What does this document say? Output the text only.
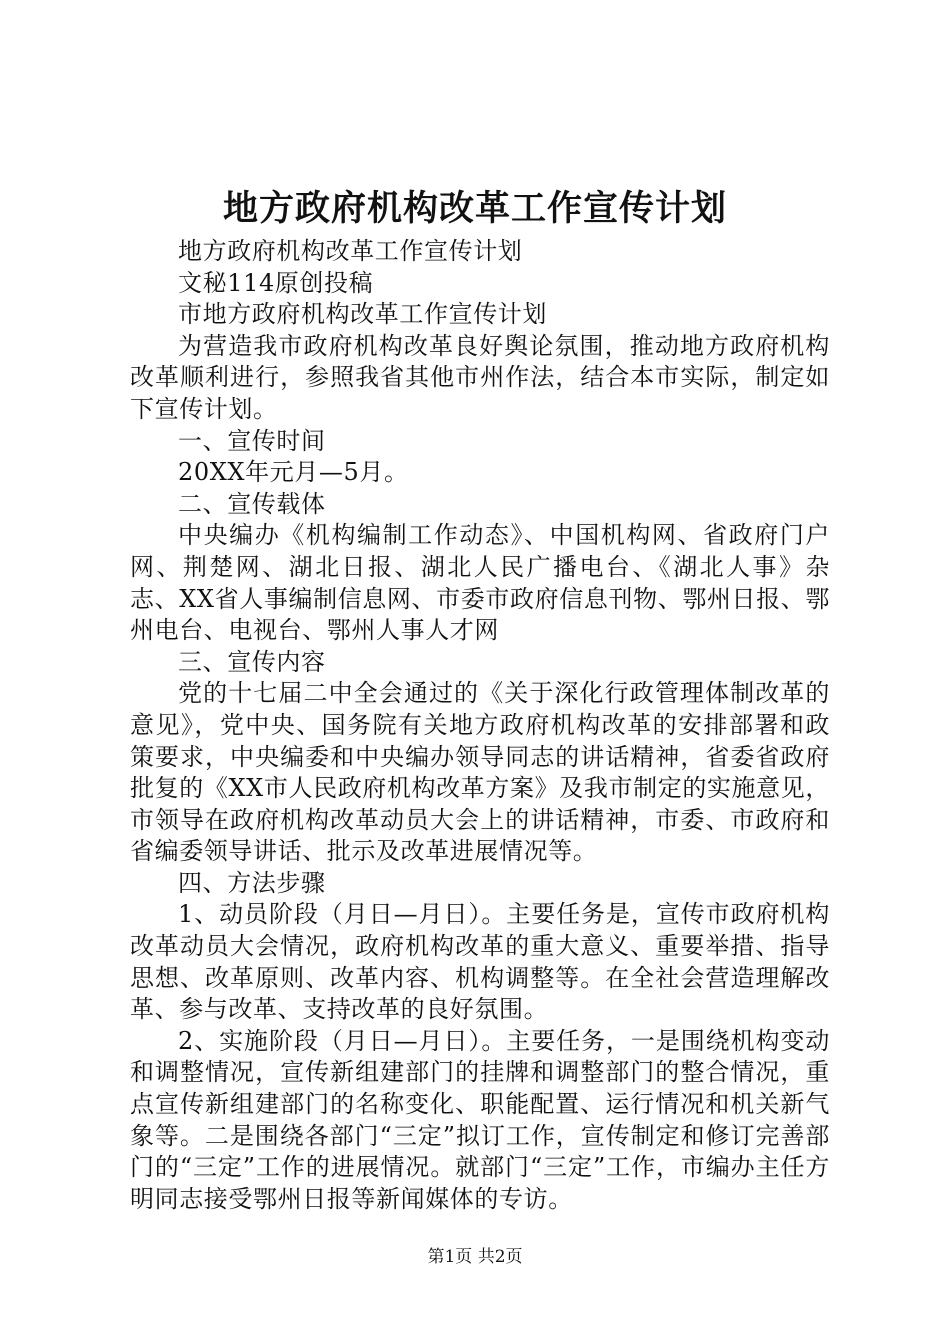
地方政府机构改革工作宣传计划

地方政府机构改革工作宣传计划

文秘114原创投稿

市地方政府机构改革工作宣传计划

为营造我市政府机构改革良好舆论氛围，推动地方政府机构改革顺利进行，参照我省其他市州作法，结合本市实际，制定如下宣传计划。

一、宣传时间

20XX年元月—5月。

二、宣传载体

中央编办《机构编制工作动态》、中国机构网、省政府门户网、荆楚网、湖北日报、湖北人民广播电台、《湖北人事》杂志、XX省人事编制信息网、市委市政府信息刊物、鄂州日报、鄂州电台、电视台、鄂州人事人才网

三、宣传内容

党的十七届二中全会通过的《关于深化行政管理体制改革的意见》，党中央、国务院有关地方政府机构改革的安排部署和政策要求，中央编委和中央编办领导同志的讲话精神，省委省政府批复的《XX市人民政府机构改革方案》及我市制定的实施意见，市领导在政府机构改革动员大会上的讲话精神，市委、市政府和省编委领导讲话、批示及改革进展情况等。

四、方法步骤

1、动员阶段（月日—月日）。主要任务是，宣传市政府机构改革动员大会情况，政府机构改革的重大意义、重要举措、指导思想、改革原则、改革内容、机构调整等。在全社会营造理解改革、参与改革、支持改革的良好氛围。

2、实施阶段（月日—月日）。主要任务，一是围绕机构变动和调整情况，宣传新组建部门的挂牌和调整部门的整合情况，重点宣传新组建部门的名称变化、职能配置、运行情况和机关新气象等。二是围绕各部门“三定”拟订工作，宣传制定和修订完善部门的“三定”工作的进展情况。就部门“三定”工作，市编办主任方明同志接受鄂州日报等新闻媒体的专访。

第1页 共2页
